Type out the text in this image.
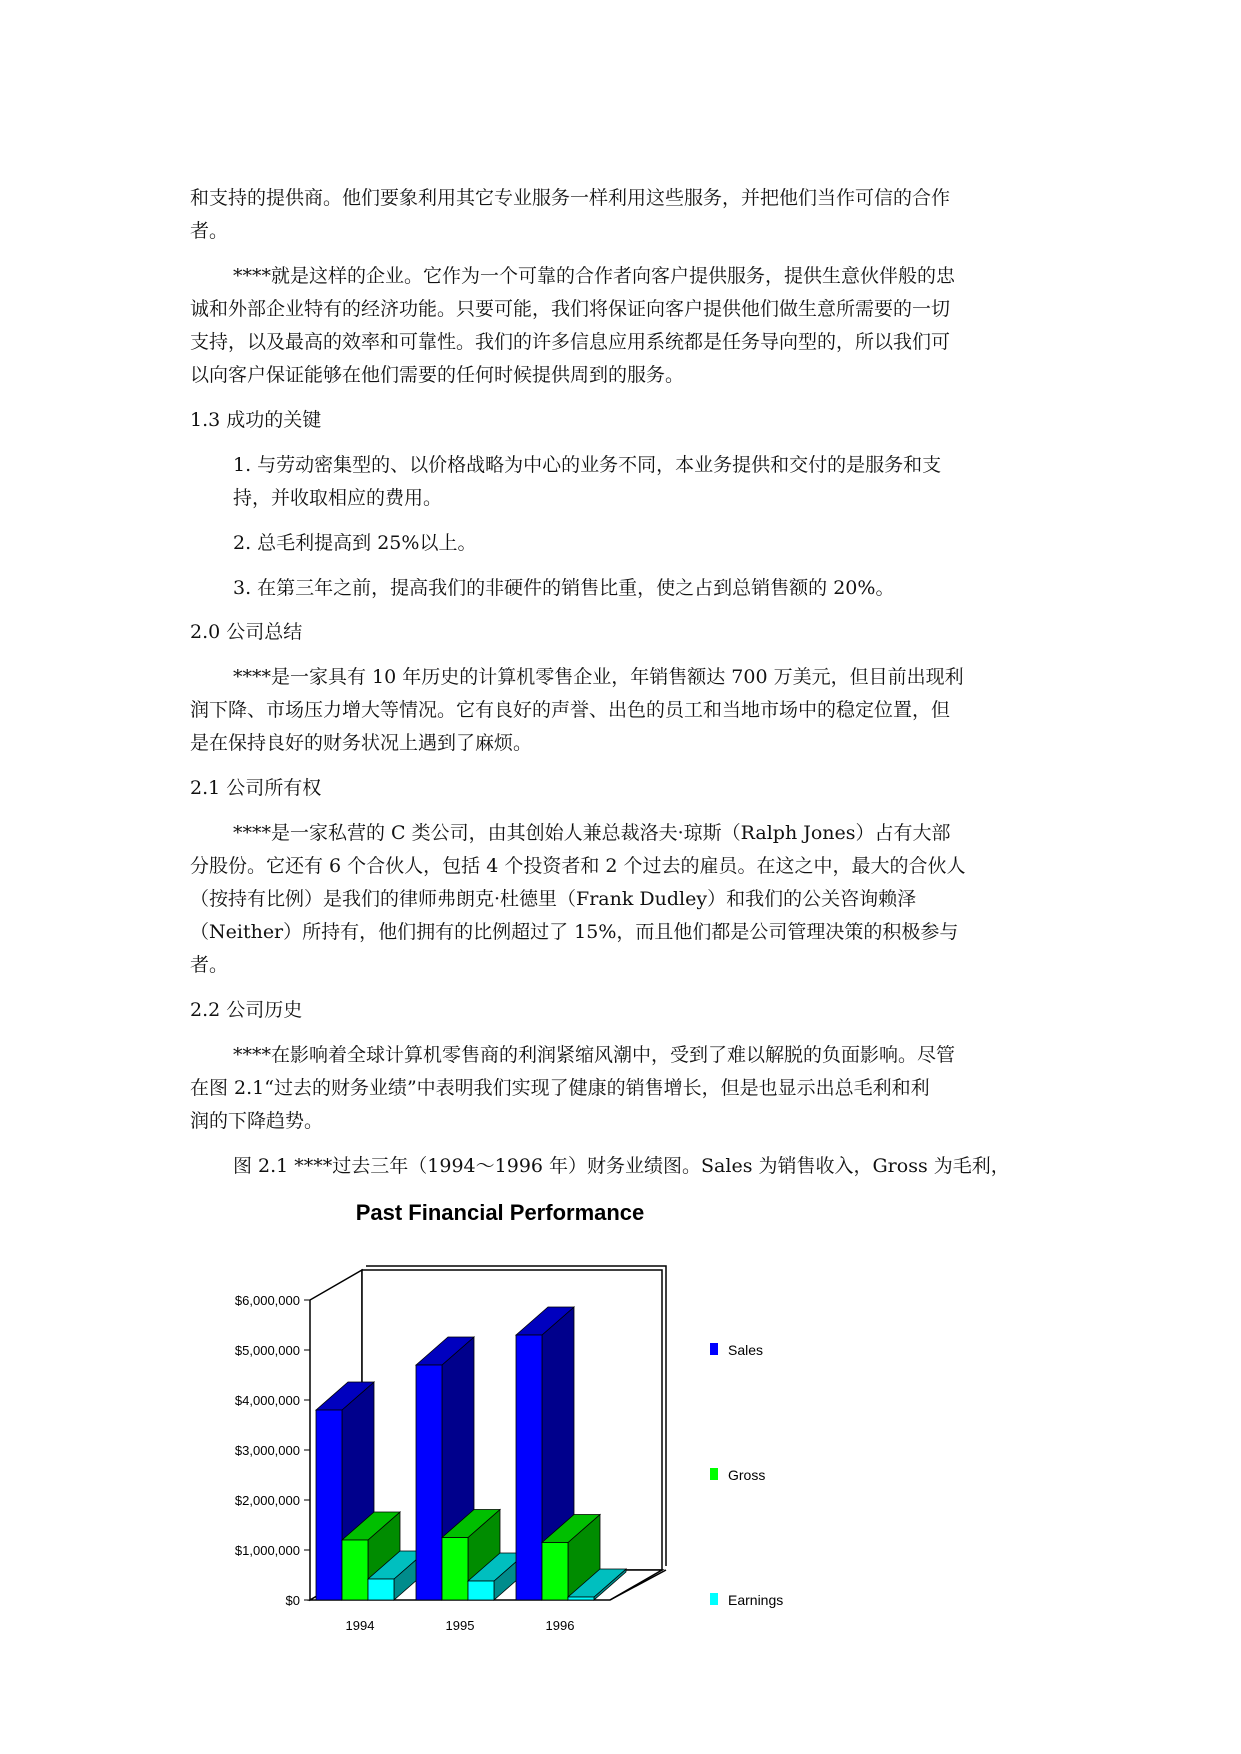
和支持的提供商。他们要象利用其它专业服务一样利用这些服务，并把他们当作可信的合作
者。
****就是这样的企业。它作为一个可靠的合作者向客户提供服务，提供生意伙伴般的忠
诚和外部企业特有的经济功能。只要可能，我们将保证向客户提供他们做生意所需要的一切
支持，以及最高的效率和可靠性。我们的许多信息应用系统都是任务导向型的，所以我们可
以向客户保证能够在他们需要的任何时候提供周到的服务。
1.3 成功的关键
1. 与劳动密集型的、以价格战略为中心的业务不同，本业务提供和交付的是服务和支
持，并收取相应的费用。
2. 总毛利提高到 25%以上。
3. 在第三年之前，提高我们的非硬件的销售比重，使之占到总销售额的 20%。
2.0 公司总结
****是一家具有 10 年历史的计算机零售企业，年销售额达 700 万美元，但目前出现利
润下降、市场压力增大等情况。它有良好的声誉、出色的员工和当地市场中的稳定位置，但
是在保持良好的财务状况上遇到了麻烦。
2.1 公司所有权
****是一家私营的 C 类公司，由其创始人兼总裁洛夫·琼斯（Ralph Jones）占有大部
分股份。它还有 6 个合伙人，包括 4 个投资者和 2 个过去的雇员。在这之中，最大的合伙人
（按持有比例）是我们的律师弗朗克·杜德里（Frank Dudley）和我们的公关咨询赖泽
（Neither）所持有，他们拥有的比例超过了 15%，而且他们都是公司管理决策的积极参与
者。
2.2 公司历史
****在影响着全球计算机零售商的利润紧缩风潮中，受到了难以解脱的负面影响。尽管
在图 2.1“过去的财务业绩”中表明我们实现了健康的销售增长，但是也显示出总毛利和利
润的下降趋势。
图 2.1 ****过去三年（1994～1996 年）财务业绩图。Sales 为销售收入，Gross 为毛利，
Past Financial Performance
$0
$1,000,000
$2,000,000
$3,000,000
$4,000,000
$5,000,000
$6,000,000
1994	1995	1996
Sales
Gross
Earnings
